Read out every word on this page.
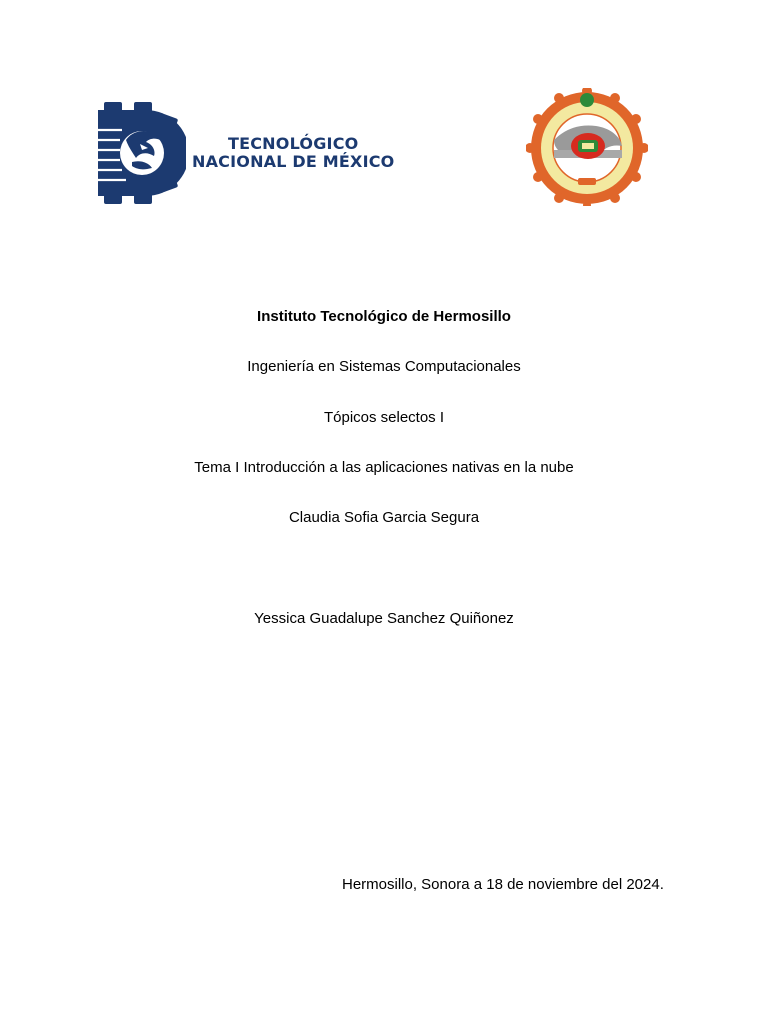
TECNOLÓGICO
NACIONAL DE MÉXICO
Instituto Tecnológico de Hermosillo
Ingeniería en Sistemas Computacionales
Tópicos selectos I
Tema I Introducción a las aplicaciones nativas en la nube
Claudia Sofia Garcia Segura
Yessica Guadalupe Sanchez Quiñonez
Hermosillo, Sonora a 18 de noviembre del 2024.
